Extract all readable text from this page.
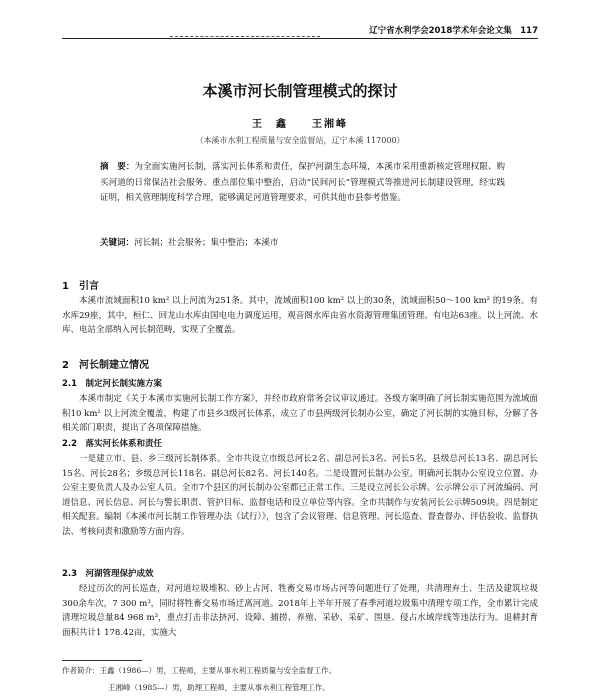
辽宁省水利学会2018学术年会论文集　117
本溪市河长制管理模式的探讨
王　鑫　　王湘峰
（本溪市水利工程质量与安全监督站，辽宁本溪 117000）
摘　要：为全面实施河长制，落实河长体系和责任，保护河湖生态环境，本溪市采用重新核定管理权限、购买河道的日常保洁社会服务、重点部位集中整治，启动“民间河长”管理模式等推进河长制建设管理，经实践证明，相关管理制度科学合理，能够满足河道管理要求，可供其他市县参考借鉴。
关键词：河长制；社会服务；集中整治；本溪市
1　引言
本溪市流域面积10 km² 以上河流为251条。其中，流域面积100 km² 以上的30条，流域面积50～100 km² 的19条。有水库29座，其中，桓仁、回龙山水库由国电电力调度运用，观音阁水库由省水资源管理集团管理。有电站63座。以上河流、水库、电站全部纳入河长制范畴，实现了全覆盖。
2　河长制建立情况
2.1　制定河长制实施方案
本溪市制定《关于本溪市实施河长制工作方案》，并经市政府常务会议审议通过。各级方案明确了河长制实施范围为流域面积10 km² 以上河流全覆盖，构建了市县乡3级河长体系，成立了市县两级河长制办公室，确定了河长制的实施目标，分解了各相关部门职责，提出了各项保障措施。
2.2　落实河长体系和责任
一是建立市、县、乡三级河长制体系。全市共设立市级总河长2名、副总河长3名、河长5名，县级总河长13名、副总河长15名、河长28名；乡级总河长118名、副总河长82名、河长140名。二是设置河长制办公室。明确河长制办公室设立位置、办公室主要负责人及办公室人员。全市7个县区的河长制办公室都已正常工作。三是设立河长公示牌。公示牌公示了河流编码、河道信息、河长信息、河长与警长职责、管护目标、监督电话和设立单位等内容。全市共制作与安装河长公示牌509块。四是制定相关配套。编制《本溪市河长制工作管理办法（试行）》，包含了会议管理、信息管理、河长巡查、督查督办、评估验收、监督执法、考核问责和激励等方面内容。
2.3　河湖管理保护成效
经过历次的河长巡查，对河道垃圾堆积、砂上占河、牲畜交易市场占河等问题进行了处理，共清理弃土、生活及建筑垃圾300余车次，7 300 m³，同时将牲畜交易市场迁离河道。2018年上半年开展了春季河道垃圾集中清理专项工作，全市累计完成清理垃圾总量84 968 m³，重点打击非法挤河、设障、捕捞、养殖、采砂、采矿、围垦、侵占水域岸线等违法行为。退耕封育面积共计1 178.42亩，实施大
作者简介：王鑫（1986—）男，工程师，主要从事水利工程质量与安全监督工作。
王湘峰（1985—）男，助理工程师，主要从事水利工程管理工作。
